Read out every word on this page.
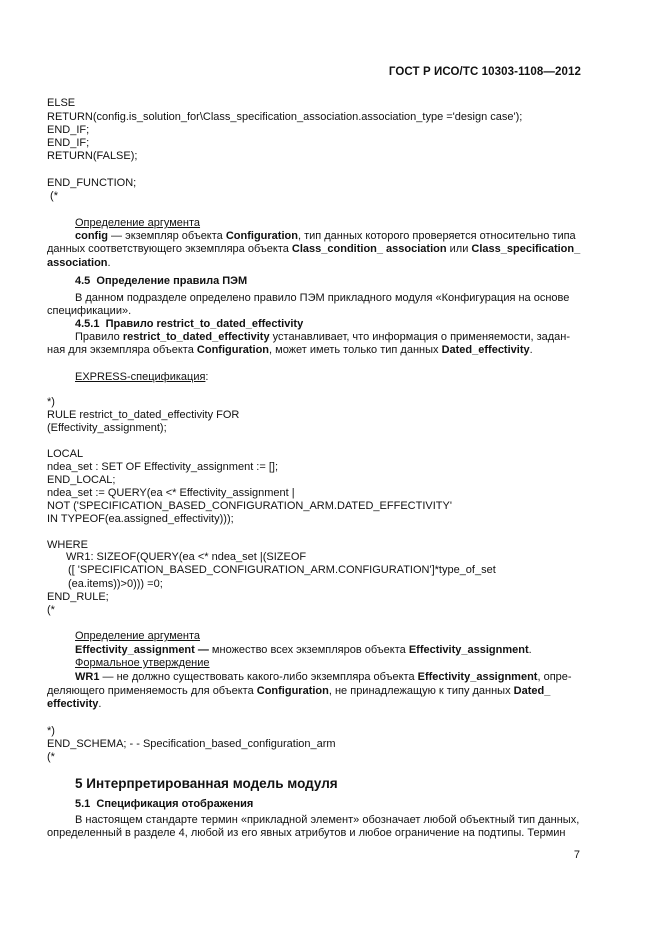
ГОСТ Р ИСО/ТС 10303-1108—2012
ELSE
RETURN(config.is_solution_for\Class_specification_association.association_type ='design case');
END_IF;
END_IF;
RETURN(FALSE);
END_FUNCTION;
(*
Определение аргумента
config — экземпляр объекта Configuration, тип данных которого проверяется относительно типа
данных соответствующего экземпляра объекта Class_condition_ association или Class_specification_
association.
4.5  Определение правила ПЭМ
В данном подразделе определено правило ПЭМ прикладного модуля «Конфигурация на основе
спецификации».
4.5.1  Правило restrict_to_dated_effectivity
Правило restrict_to_dated_effectivity устанавливает, что информация о применяемости, задан-
ная для экземпляра объекта Configuration, может иметь только тип данных Dated_effectivity.
EXPRESS-спецификация:
*)
RULE restrict_to_dated_effectivity FOR
(Effectivity_assignment);
LOCAL
ndea_set : SET OF Effectivity_assignment := [];
END_LOCAL;
ndea_set := QUERY(ea <* Effectivity_assignment |
NOT ('SPECIFICATION_BASED_CONFIGURATION_ARM.DATED_EFFECTIVITY'
IN TYPEOF(ea.assigned_effectivity)));
WHERE
WR1: SIZEOF(QUERY(ea <* ndea_set |(SIZEOF
([ 'SPECIFICATION_BASED_CONFIGURATION_ARM.CONFIGURATION']*type_of_set
(ea.items))>0))) =0;
END_RULE;
(*
Определение аргумента
Effectivity_assignment — множество всех экземпляров объекта Effectivity_assignment.
Формальное утверждение
WR1 — не должно существовать какого-либо экземпляра объекта Effectivity_assignment, опре-
деляющего применяемость для объекта Configuration, не принадлежащую к типу данных Dated_
effectivity.
*)
END_SCHEMA; - - Specification_based_configuration_arm
(*
5 Интерпретированная модель модуля
5.1  Спецификация отображения
В настоящем стандарте термин «прикладной элемент» обозначает любой объектный тип данных,
определенный в разделе 4, любой из его явных атрибутов и любое ограничение на подтипы. Термин
7
